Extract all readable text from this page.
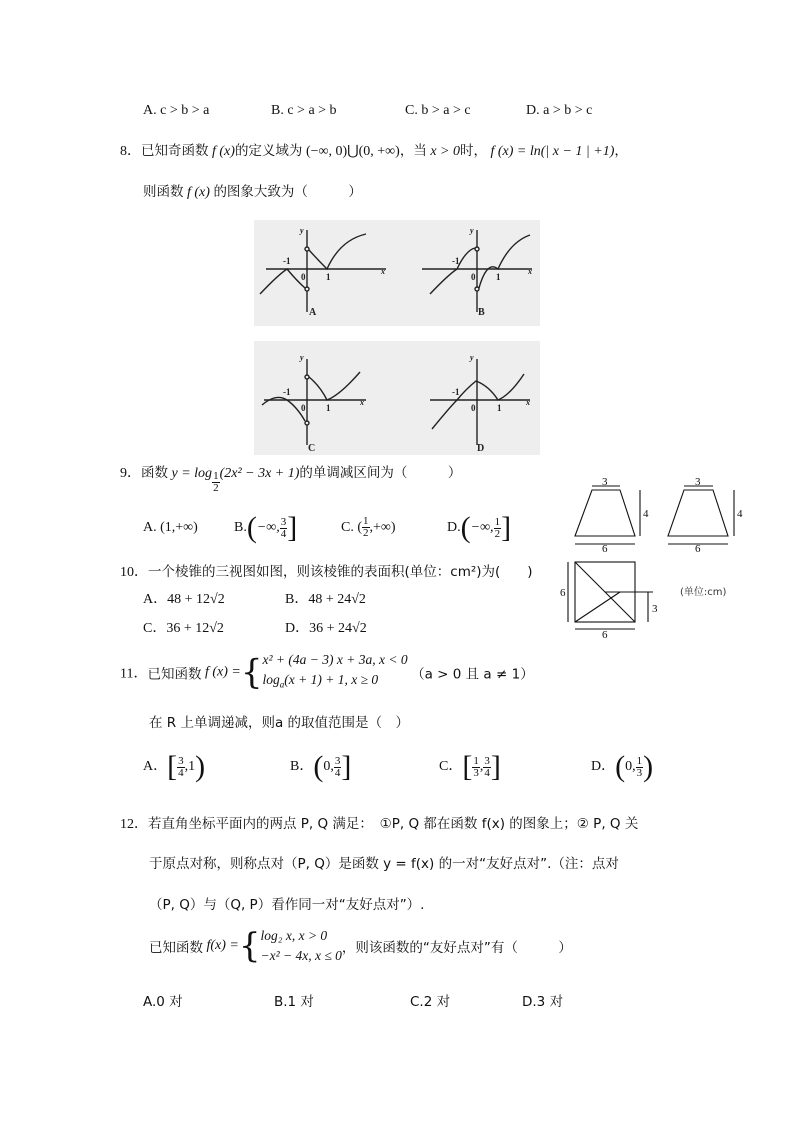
A. c > b > a	B. c > a > b	C. b > a > c	D. a > b > c
8．已知奇函数 f (x)的定义域为 (−∞, 0)⋃(0, +∞)，当 x > 0时， f (x) = ln(| x − 1 | +1)，
则函数 f (x) 的图象大致为（　　　）
y
x
0
-1
1
A
y
x
0
-1
1
B
y
x
0
-1
1
C
y
x
0
-1
1
D
9．函数 $y = \log \frac{1}{2} (2x^2 - 3x + 1)$的单调减区间为（　　　）
A. (1,+∞)	B.(−∞, $\frac{3}{4}$ ]	C. ( $\frac{1}{2}$ ,+∞)	D.(−∞, $\frac{1}{2}$ ]
10．一个棱锥的三视图如图，则该棱锥的表面积(单位：cm²)为(　　)
A．48 + 12√2	B．48 + 24√2
C．36 + 12√2	D．36 + 24√2
3
4
6
3
4
6
6
3
6
(单位:cm)
11．已知函数 f (x) ={ x² + (4a − 3) x + 3a, x < 0
$\log_a(x + 1) + 1$, x ≥ 0	（a > 0 且 a ≠ 1）
在 R 上单调递减，则a 的取值范围是（　）
A．[ $\frac{3}{4} ,1$)	B．(0, $\frac{3}{4}$ ]	C．[ $\frac{1}{3}$ , $\frac{3}{4}$ ]	D．(0, $\frac{1}{3}$ )
12．若直角坐标平面内的两点 P, Q 满足：　①P, Q 都在函数 f(x) 的图象上；② P, Q 关
于原点对称，则称点对（P, Q）是函数 y = f(x) 的一对“友好点对”.（注：点对
（P, Q）与（Q, P）看作同一对“友好点对”）.
已知函数 f(x) ={ log₂ x, x > 0
−x² − 4x, x ≤ 0 ，则该函数的“友好点对”有（　　　）
A.0 对	B.1 对	C.2 对	D.3 对
